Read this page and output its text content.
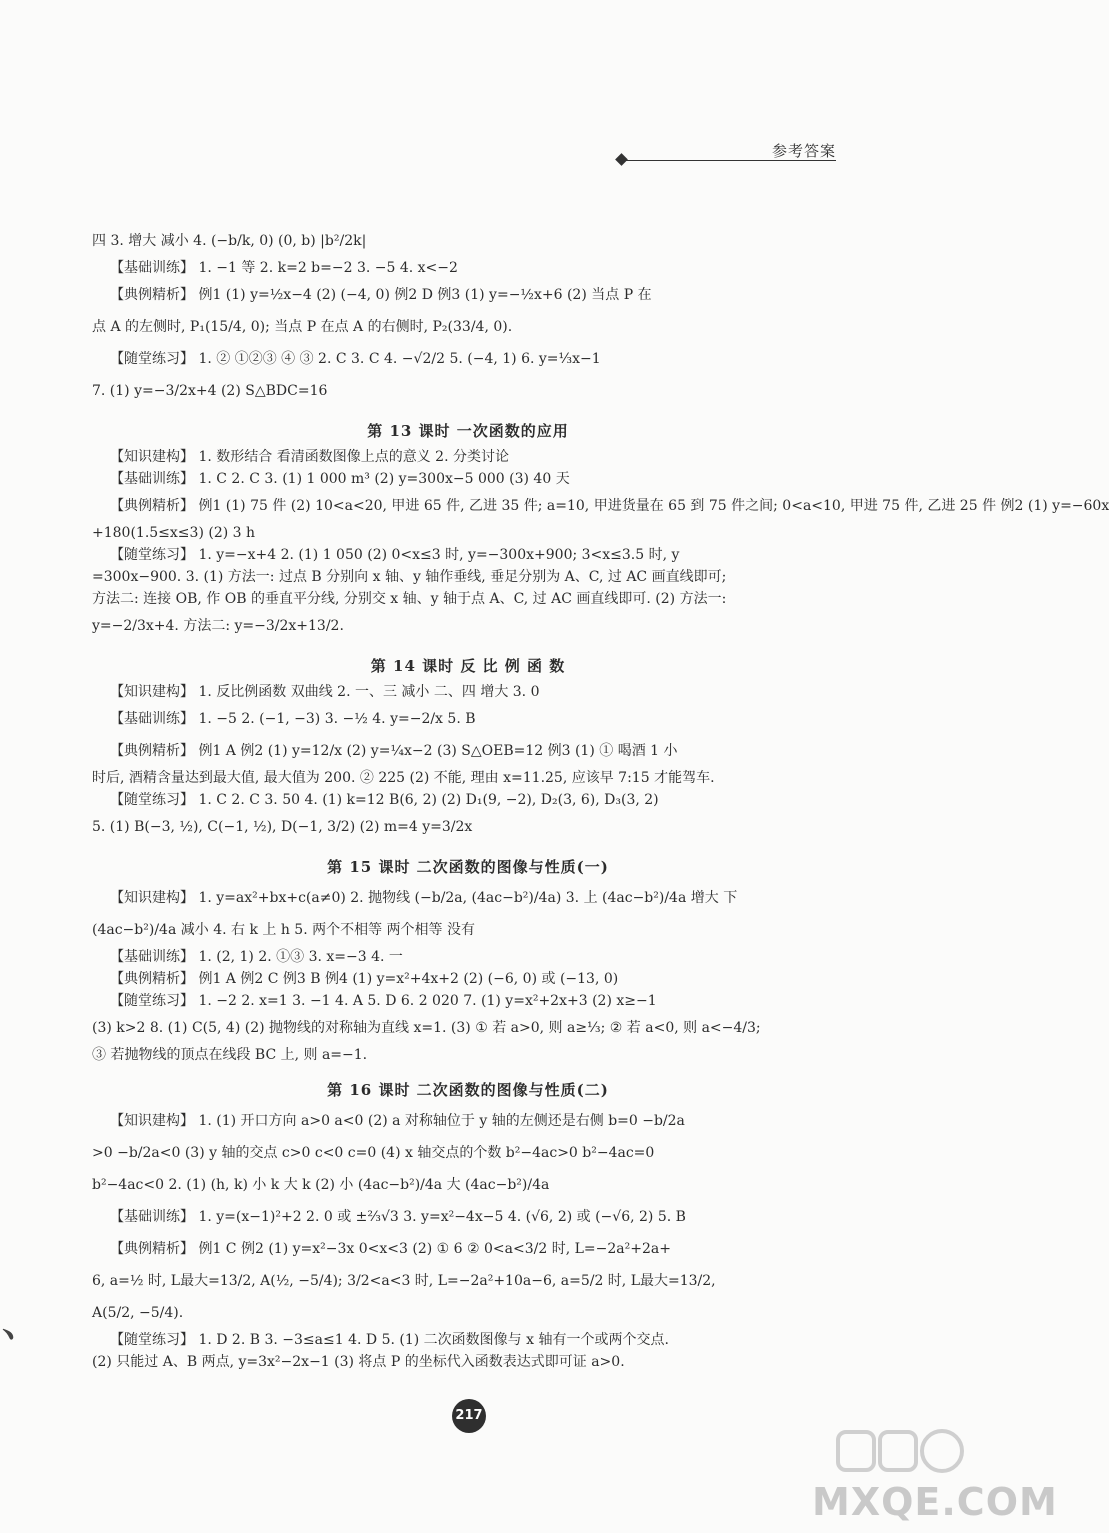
参考答案

四 3. 增大 减小 4. (−b/k, 0) (0, b) |b²/2k|

【基础训练】 1. −1 等 2. k=2 b=−2 3. −5 4. x<−2

【典例精析】 例1 (1) y=½x−4 (2) (−4, 0) 例2 D 例3 (1) y=−½x+6 (2) 当点 P 在

点 A 的左侧时, P₁(15/4, 0); 当点 P 在点 A 的右侧时, P₂(33/4, 0).

【随堂练习】 1. ② ①②③ ④ ③ 2. C 3. C 4. −√2/2 5. (−4, 1) 6. y=⅓x−1

7. (1) y=−3/2x+4 (2) S△BDC=16

第 13 课时 一次函数的应用

【知识建构】 1. 数形结合 看清函数图像上点的意义 2. 分类讨论

【基础训练】 1. C 2. C 3. (1) 1 000 m³ (2) y=300x−5 000 (3) 40 天

【典例精析】 例1 (1) 75 件 (2) 10<a<20, 甲进 65 件, 乙进 35 件; a=10, 甲进货量在 65 到 75 件之间; 0<a<10, 甲进 75 件, 乙进 25 件 例2 (1) y=−60x

+180(1.5≤x≤3) (2) 3 h

【随堂练习】 1. y=−x+4 2. (1) 1 050 (2) 0<x≤3 时, y=−300x+900; 3<x≤3.5 时, y

=300x−900. 3. (1) 方法一: 过点 B 分别向 x 轴、y 轴作垂线, 垂足分别为 A、C, 过 AC 画直线即可;

方法二: 连接 OB, 作 OB 的垂直平分线, 分别交 x 轴、y 轴于点 A、C, 过 AC 画直线即可. (2) 方法一:

y=−2/3x+4. 方法二: y=−3/2x+13/2.

第 14 课时 反 比 例 函 数

【知识建构】 1. 反比例函数 双曲线 2. 一、三 减小 二、四 增大 3. 0

【基础训练】 1. −5 2. (−1, −3) 3. −½ 4. y=−2/x 5. B

【典例精析】 例1 A 例2 (1) y=12/x (2) y=¼x−2 (3) S△OEB=12 例3 (1) ① 喝酒 1 小

时后, 酒精含量达到最大值, 最大值为 200. ② 225 (2) 不能, 理由 x=11.25, 应该早 7:15 才能驾车.

【随堂练习】 1. C 2. C 3. 50 4. (1) k=12 B(6, 2) (2) D₁(9, −2), D₂(3, 6), D₃(3, 2)

5. (1) B(−3, ½), C(−1, ½), D(−1, 3/2) (2) m=4 y=3/2x

第 15 课时 二次函数的图像与性质(一)

【知识建构】 1. y=ax²+bx+c(a≠0) 2. 抛物线 (−b/2a, (4ac−b²)/4a) 3. 上 (4ac−b²)/4a 增大 下

(4ac−b²)/4a 减小 4. 右 k 上 h 5. 两个不相等 两个相等 没有

【基础训练】 1. (2, 1) 2. ①③ 3. x=−3 4. 一

【典例精析】 例1 A 例2 C 例3 B 例4 (1) y=x²+4x+2 (2) (−6, 0) 或 (−13, 0)

【随堂练习】 1. −2 2. x=1 3. −1 4. A 5. D 6. 2 020 7. (1) y=x²+2x+3 (2) x≥−1

(3) k>2 8. (1) C(5, 4) (2) 抛物线的对称轴为直线 x=1. (3) ① 若 a>0, 则 a≥⅓; ② 若 a<0, 则 a<−4/3;

③ 若抛物线的顶点在线段 BC 上, 则 a=−1.

第 16 课时 二次函数的图像与性质(二)

【知识建构】 1. (1) 开口方向 a>0 a<0 (2) a 对称轴位于 y 轴的左侧还是右侧 b=0 −b/2a

>0 −b/2a<0 (3) y 轴的交点 c>0 c<0 c=0 (4) x 轴交点的个数 b²−4ac>0 b²−4ac=0

b²−4ac<0 2. (1) (h, k) 小 k 大 k (2) 小 (4ac−b²)/4a 大 (4ac−b²)/4a

【基础训练】 1. y=(x−1)²+2 2. 0 或 ±⅔√3 3. y=x²−4x−5 4. (√6, 2) 或 (−√6, 2) 5. B

【典例精析】 例1 C 例2 (1) y=x²−3x 0<x<3 (2) ① 6 ② 0<a<3/2 时, L=−2a²+2a+

6, a=½ 时, L最大=13/2, A(½, −5/4); 3/2<a<3 时, L=−2a²+10a−6, a=5/2 时, L最大=13/2,

A(5/2, −5/4).

【随堂练习】 1. D 2. B 3. −3≤a≤1 4. D 5. (1) 二次函数图像与 x 轴有一个或两个交点.

(2) 只能过 A、B 两点, y=3x²−2x−1 (3) 将点 P 的坐标代入函数表达式即可证 a>0.

﹅
217
MXQE.COM
